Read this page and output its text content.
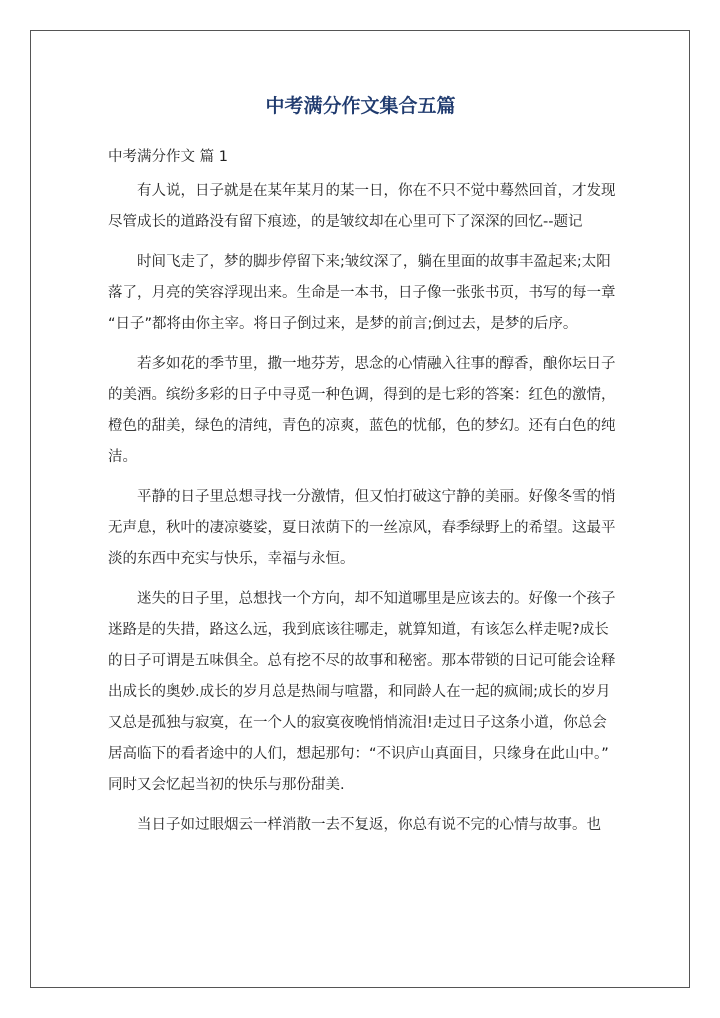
中考满分作文集合五篇
中考满分作文 篇 1
有人说，日子就是在某年某月的某一日，你在不只不觉中蓦然回首，才发现
尽管成长的道路没有留下痕迹，的是皱纹却在心里可下了深深的回忆--题记
时间飞走了，梦的脚步停留下来;皱纹深了，躺在里面的故事丰盈起来;太阳
落了，月亮的笑容浮现出来。生命是一本书，日子像一张张书页，书写的每一章
“日子”都将由你主宰。将日子倒过来，是梦的前言;倒过去，是梦的后序。
若多如花的季节里，撒一地芬芳，思念的心情融入往事的醇香，酿你坛日子
的美酒。缤纷多彩的日子中寻觅一种色调，得到的是七彩的答案：红色的激情，
橙色的甜美，绿色的清纯，青色的凉爽，蓝色的忧郁，色的梦幻。还有白色的纯
洁。
平静的日子里总想寻找一分激情，但又怕打破这宁静的美丽。好像冬雪的悄
无声息，秋叶的凄凉婆娑，夏日浓荫下的一丝凉风，春季绿野上的希望。这最平
淡的东西中充实与快乐，幸福与永恒。
迷失的日子里，总想找一个方向，却不知道哪里是应该去的。好像一个孩子
迷路是的失措，路这么远，我到底该往哪走，就算知道，有该怎么样走呢?成长
的日子可谓是五味俱全。总有挖不尽的故事和秘密。那本带锁的日记可能会诠释
出成长的奥妙.成长的岁月总是热闹与喧嚣，和同龄人在一起的疯闹;成长的岁月
又总是孤独与寂寞，在一个人的寂寞夜晚悄悄流泪!走过日子这条小道，你总会
居高临下的看者途中的人们，想起那句：“不识庐山真面目，只缘身在此山中。”
同时又会忆起当初的快乐与那份甜美.
当日子如过眼烟云一样消散一去不复返，你总有说不完的心情与故事。也
